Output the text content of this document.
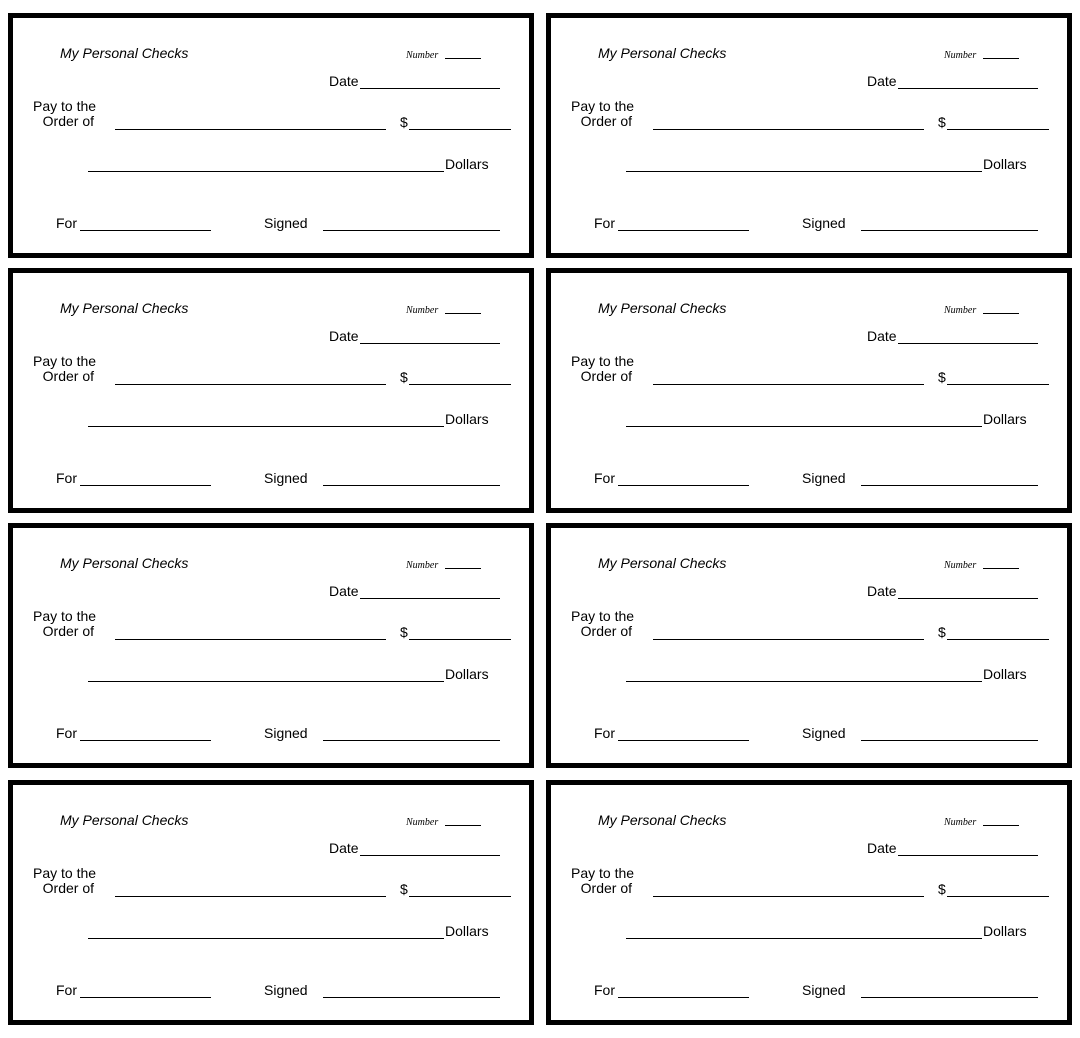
My Personal Checks	Number
Date
Pay to the
Order of	$
Dollars
For	Signed
My Personal Checks	Number
Date
Pay to the
Order of	$
Dollars
For	Signed
My Personal Checks	Number
Date
Pay to the
Order of	$
Dollars
For	Signed
My Personal Checks	Number
Date
Pay to the
Order of	$
Dollars
For	Signed
My Personal Checks	Number
Date
Pay to the
Order of	$
Dollars
For	Signed
My Personal Checks	Number
Date
Pay to the
Order of	$
Dollars
For	Signed
My Personal Checks	Number
Date
Pay to the
Order of	$
Dollars
For	Signed
My Personal Checks	Number
Date
Pay to the
Order of	$
Dollars
For	Signed
